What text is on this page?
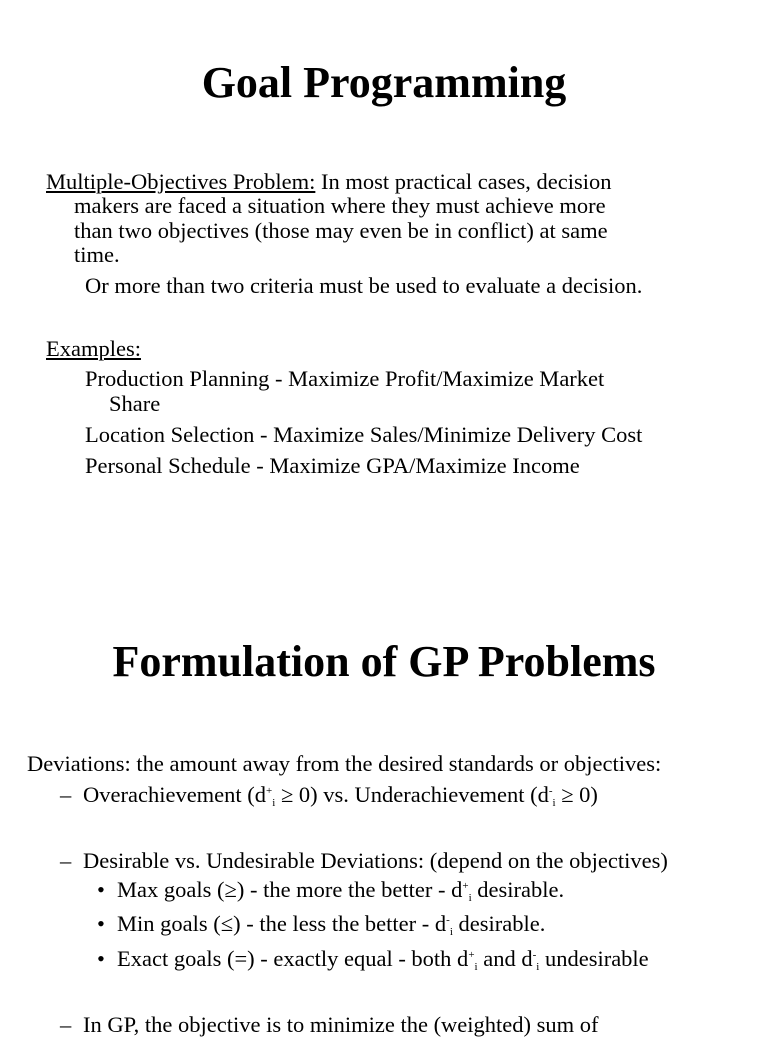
Goal Programming
Multiple-Objectives Problem: In most practical cases, decision
makers are faced a situation where they must achieve more
than two objectives (those may even be in conflict) at same
time.
Or more than two criteria must be used to evaluate a decision.
Examples:
Production Planning - Maximize Profit/Maximize Market
Share
Location Selection - Maximize Sales/Minimize Delivery Cost
Personal Schedule - Maximize GPA/Maximize Income
Formulation of GP Problems
Deviations: the amount away from the desired standards or objectives:
– Overachievement $(d^+_i \ge 0)$ vs. Underachievement $(d^-_i \ge 0)$
– Desirable vs. Undesirable Deviations: (depend on the objectives)
• Max goals (≥) - the more the better - $d^+_i$ desirable.
• Min goals (≤) - the less the better - $d^-_i$ desirable.
• Exact goals (=) - exactly equal - both $d^+_i$ and $d^-_i$ undesirable
– In GP, the objective is to minimize the (weighted) sum of
